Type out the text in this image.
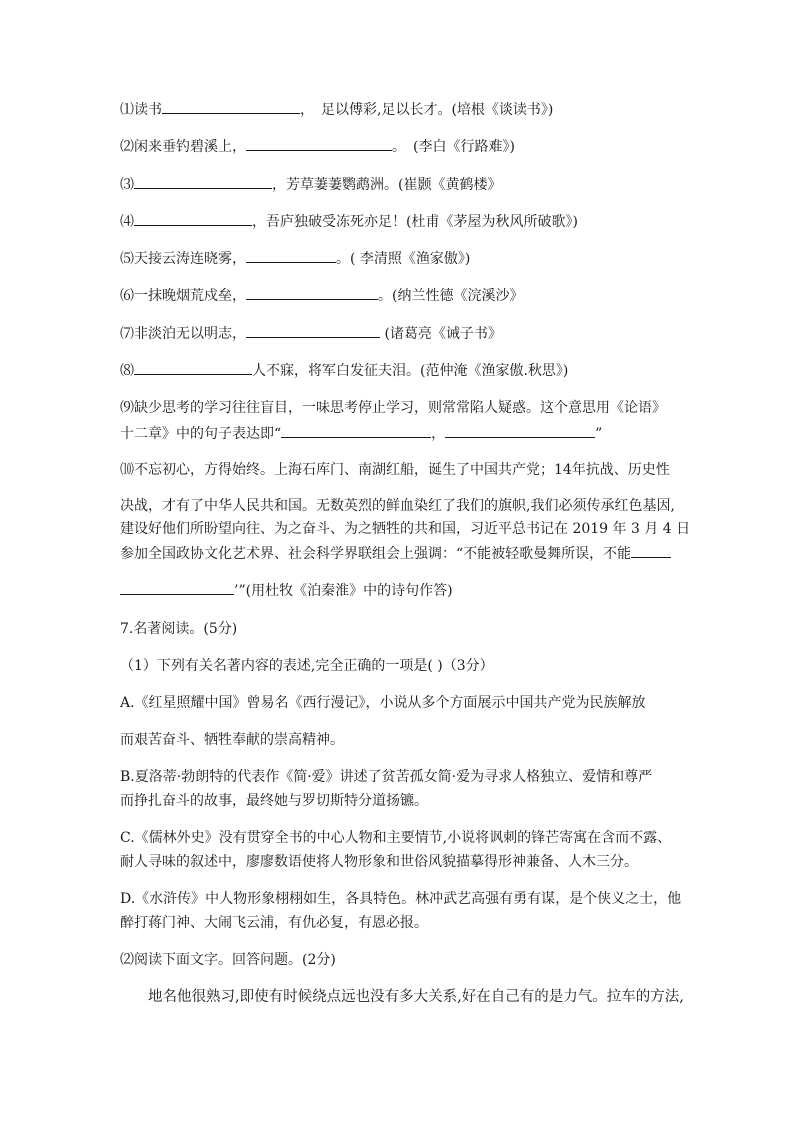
⑴读书	，　足以傅彩,足以长才。(培根《谈读书》)
⑵闲来垂钓碧溪上，	。　(李白《行路难》)
⑶	，芳草萋萋鹦鹉洲。(崔颢《黄鹤楼》
⑷	，吾庐独破受冻死亦足！(杜甫《茅屋为秋风所破歌》)
⑸天接云涛连晓雾，	。( 李清照《渔家傲》)
⑹一抹晚烟荒戍垒，	。(纳兰性德《浣溪沙》
⑺非淡泊无以明志，	(诸葛亮《诫子书》
⑻	人不寐，将军白发征夫泪。(范仲淹《渔家傲.秋思》)
⑼缺少思考的学习往往盲目，一味思考停止学习，则常常陷人疑惑。这个意思用《论语》
十二章》中的句子表达即“	，	”
⑽不忘初心，方得始终。上海石库门、南湖红船，诞生了中国共产党；14年抗战、历史性
决战，才有了中华人民共和国。无数英烈的鲜血染红了我们的旗帜,我们必须传承红色基因,
建设好他们所盼望向往、为之奋斗、为之牺牲的共和国，习近平总书记在 2019 年 3 月 4 日
参加全国政协文化艺术界、社会科学界联组会上强调：“不能被轻歌曼舞所误，不能
’”(用杜牧《泊秦淮》中的诗句作答)
7.名著阅读。(5分)
（1）下列有关名著内容的表述,完全正确的一项是( )（3分）
A.《红星照耀中国》曾易名《西行漫记》，小说从多个方面展示中国共产党为民族解放
而艰苦奋斗、牺牲奉献的崇高精神。
B.夏洛蒂·勃朗特的代表作《简·爱》讲述了贫苦孤女简·爱为寻求人格独立、爱情和尊严
而挣扎奋斗的故事，最终她与罗切斯特分道扬镳。
C.《儒林外史》没有贯穿全书的中心人物和主要情节,小说将讽刺的锋芒寄寓在含而不露、
耐人寻味的叙述中，廖廖数语使将人物形象和世俗风貌描摹得形神兼备、人木三分。
D.《水浒传》中人物形象栩栩如生，各具特色。林冲武艺高强有勇有谋，是个侠义之士，他
醉打蒋门神、大闹飞云浦，有仇必复，有恩必报。
⑵阅读下面文字。回答问题。(2分)
地名他很熟习,即使有时候绕点远也没有多大关系,好在自己有的是力气。拉车的方法,
